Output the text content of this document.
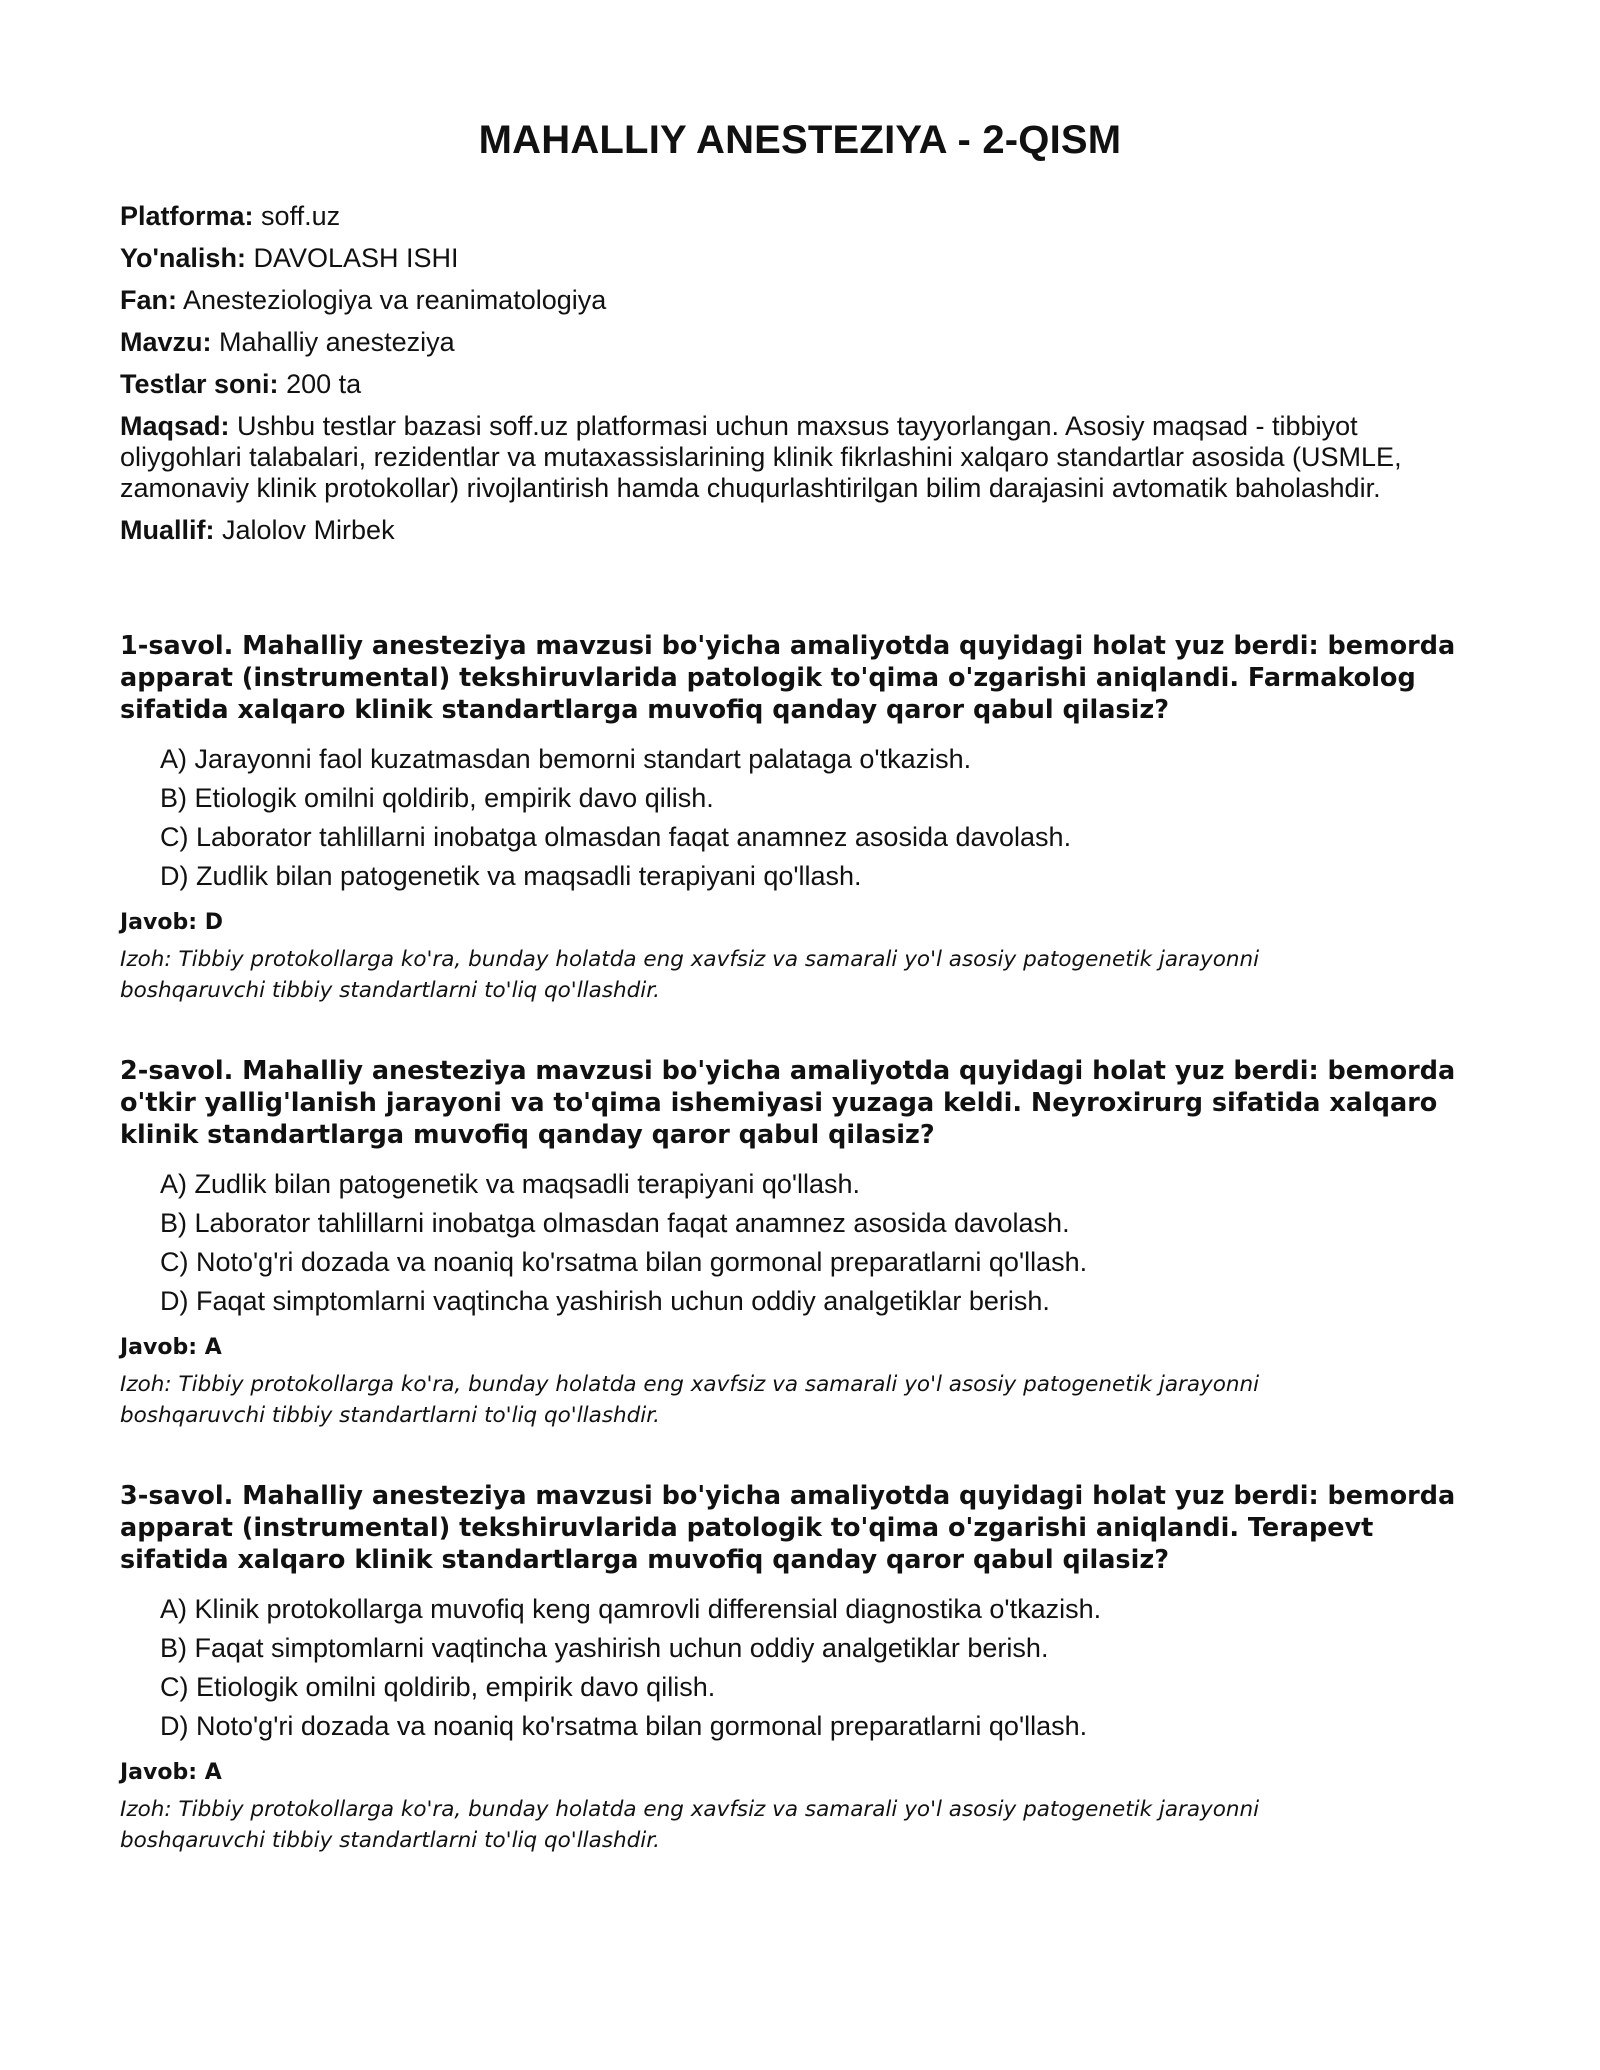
MAHALLIY ANESTEZIYA - 2-QISM

Platforma: soff.uz

Yo'nalish: DAVOLASH ISHI

Fan: Anesteziologiya va reanimatologiya

Mavzu: Mahalliy anesteziya

Testlar soni: 200 ta

Maqsad: Ushbu testlar bazasi soff.uz platformasi uchun maxsus tayyorlangan. Asosiy maqsad - tibbiyot oliygohlari talabalari, rezidentlar va mutaxassislarining klinik fikrlashini xalqaro standartlar asosida (USMLE, zamonaviy klinik protokollar) rivojlantirish hamda chuqurlashtirilgan bilim darajasini avtomatik baholashdir.

Muallif: Jalolov Mirbek

1-savol. Mahalliy anesteziya mavzusi bo'yicha amaliyotda quyidagi holat yuz berdi: bemorda apparat (instrumental) tekshiruvlarida patologik to'qima o'zgarishi aniqlandi. Farmakolog sifatida xalqaro klinik standartlarga muvofiq qanday qaror qabul qilasiz?

A) Jarayonni faol kuzatmasdan bemorni standart palataga o'tkazish.
B) Etiologik omilni qoldirib, empirik davo qilish.
C) Laborator tahlillarni inobatga olmasdan faqat anamnez asosida davolash.
D) Zudlik bilan patogenetik va maqsadli terapiyani qo'llash.

Javob: D

Izoh: Tibbiy protokollarga ko'ra, bunday holatda eng xavfsiz va samarali yo'l asosiy patogenetik jarayonni boshqaruvchi tibbiy standartlarni to'liq qo'llashdir.

2-savol. Mahalliy anesteziya mavzusi bo'yicha amaliyotda quyidagi holat yuz berdi: bemorda o'tkir yallig'lanish jarayoni va to'qima ishemiyasi yuzaga keldi. Neyroxirurg sifatida xalqaro klinik standartlarga muvofiq qanday qaror qabul qilasiz?

A) Zudlik bilan patogenetik va maqsadli terapiyani qo'llash.
B) Laborator tahlillarni inobatga olmasdan faqat anamnez asosida davolash.
C) Noto'g'ri dozada va noaniq ko'rsatma bilan gormonal preparatlarni qo'llash.
D) Faqat simptomlarni vaqtincha yashirish uchun oddiy analgetiklar berish.

Javob: A

Izoh: Tibbiy protokollarga ko'ra, bunday holatda eng xavfsiz va samarali yo'l asosiy patogenetik jarayonni boshqaruvchi tibbiy standartlarni to'liq qo'llashdir.

3-savol. Mahalliy anesteziya mavzusi bo'yicha amaliyotda quyidagi holat yuz berdi: bemorda apparat (instrumental) tekshiruvlarida patologik to'qima o'zgarishi aniqlandi. Terapevt sifatida xalqaro klinik standartlarga muvofiq qanday qaror qabul qilasiz?

A) Klinik protokollarga muvofiq keng qamrovli differensial diagnostika o'tkazish.
B) Faqat simptomlarni vaqtincha yashirish uchun oddiy analgetiklar berish.
C) Etiologik omilni qoldirib, empirik davo qilish.
D) Noto'g'ri dozada va noaniq ko'rsatma bilan gormonal preparatlarni qo'llash.

Javob: A

Izoh: Tibbiy protokollarga ko'ra, bunday holatda eng xavfsiz va samarali yo'l asosiy patogenetik jarayonni boshqaruvchi tibbiy standartlarni to'liq qo'llashdir.
